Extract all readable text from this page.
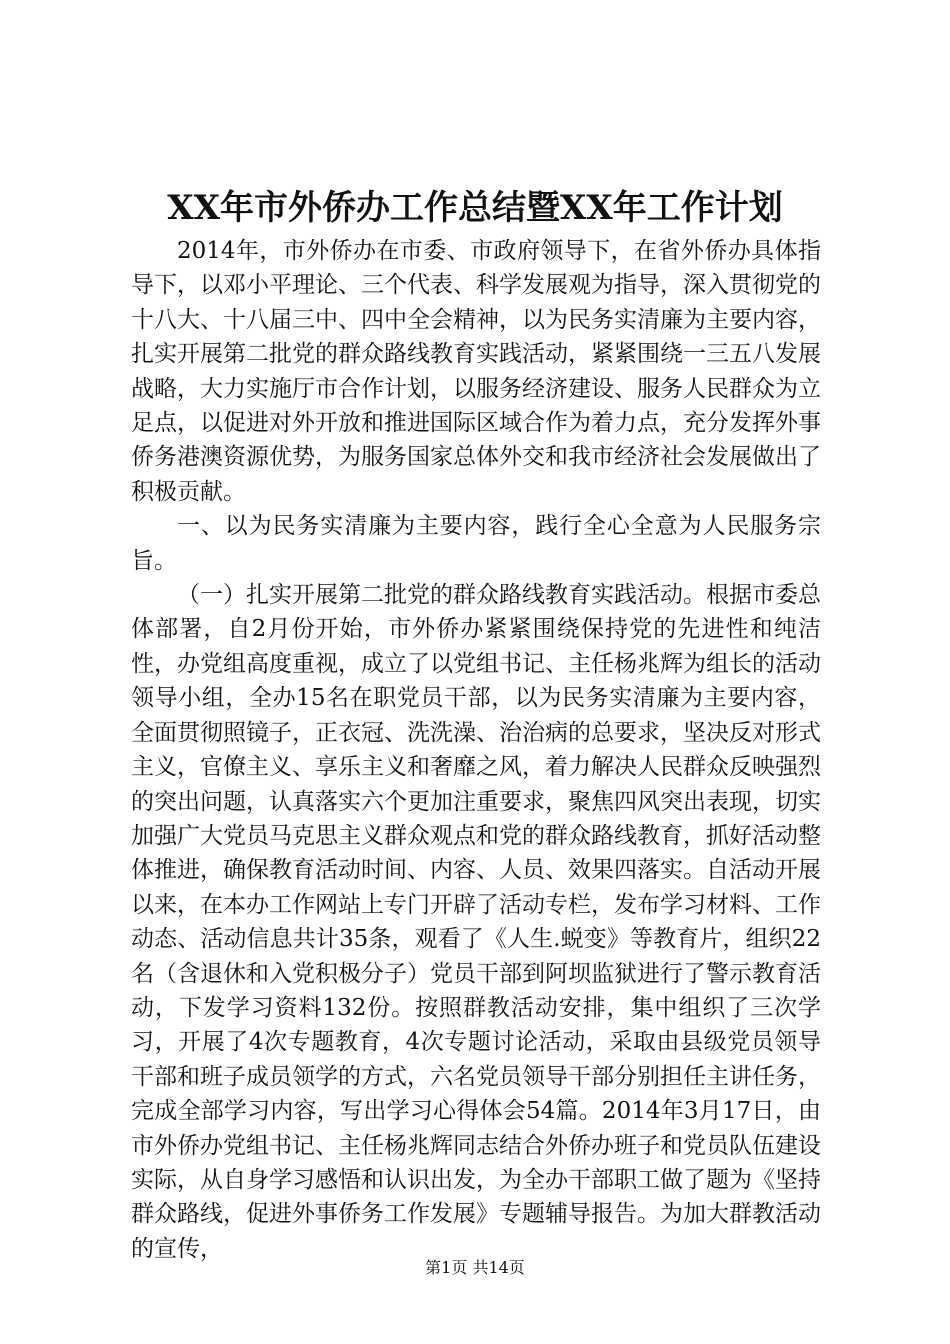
XX年市外侨办工作总结暨XX年工作计划

2014年，市外侨办在市委、市政府领导下，在省外侨办具体指导下，以邓小平理论、三个代表、科学发展观为指导，深入贯彻党的十八大、十八届三中、四中全会精神，以为民务实清廉为主要内容，扎实开展第二批党的群众路线教育实践活动，紧紧围绕一三五八发展战略，大力实施厅市合作计划，以服务经济建设、服务人民群众为立足点，以促进对外开放和推进国际区域合作为着力点，充分发挥外事侨务港澳资源优势，为服务国家总体外交和我市经济社会发展做出了积极贡献。

一、以为民务实清廉为主要内容，践行全心全意为人民服务宗旨。

（一）扎实开展第二批党的群众路线教育实践活动。根据市委总体部署，自2月份开始，市外侨办紧紧围绕保持党的先进性和纯洁性，办党组高度重视，成立了以党组书记、主任杨兆辉为组长的活动领导小组，全办15名在职党员干部，以为民务实清廉为主要内容，全面贯彻照镜子，正衣冠、洗洗澡、治治病的总要求，坚决反对形式主义，官僚主义、享乐主义和奢靡之风，着力解决人民群众反映强烈的突出问题，认真落实六个更加注重要求，聚焦四风突出表现，切实加强广大党员马克思主义群众观点和党的群众路线教育，抓好活动整体推进，确保教育活动时间、内容、人员、效果四落实。自活动开展以来，在本办工作网站上专门开辟了活动专栏，发布学习材料、工作动态、活动信息共计35条，观看了《人生.蜕变》等教育片，组织22名（含退休和入党积极分子）党员干部到阿坝监狱进行了警示教育活动，下发学习资料132份。按照群教活动安排，集中组织了三次学习，开展了4次专题教育，4次专题讨论活动，采取由县级党员领导干部和班子成员领学的方式，六名党员领导干部分别担任主讲任务，完成全部学习内容，写出学习心得体会54篇。2014年3月17日，由市外侨办党组书记、主任杨兆辉同志结合外侨办班子和党员队伍建设实际，从自身学习感悟和认识出发，为全办干部职工做了题为《坚持群众路线，促进外事侨务工作发展》专题辅导报告。为加大群教活动的宣传，

第1页 共14页
